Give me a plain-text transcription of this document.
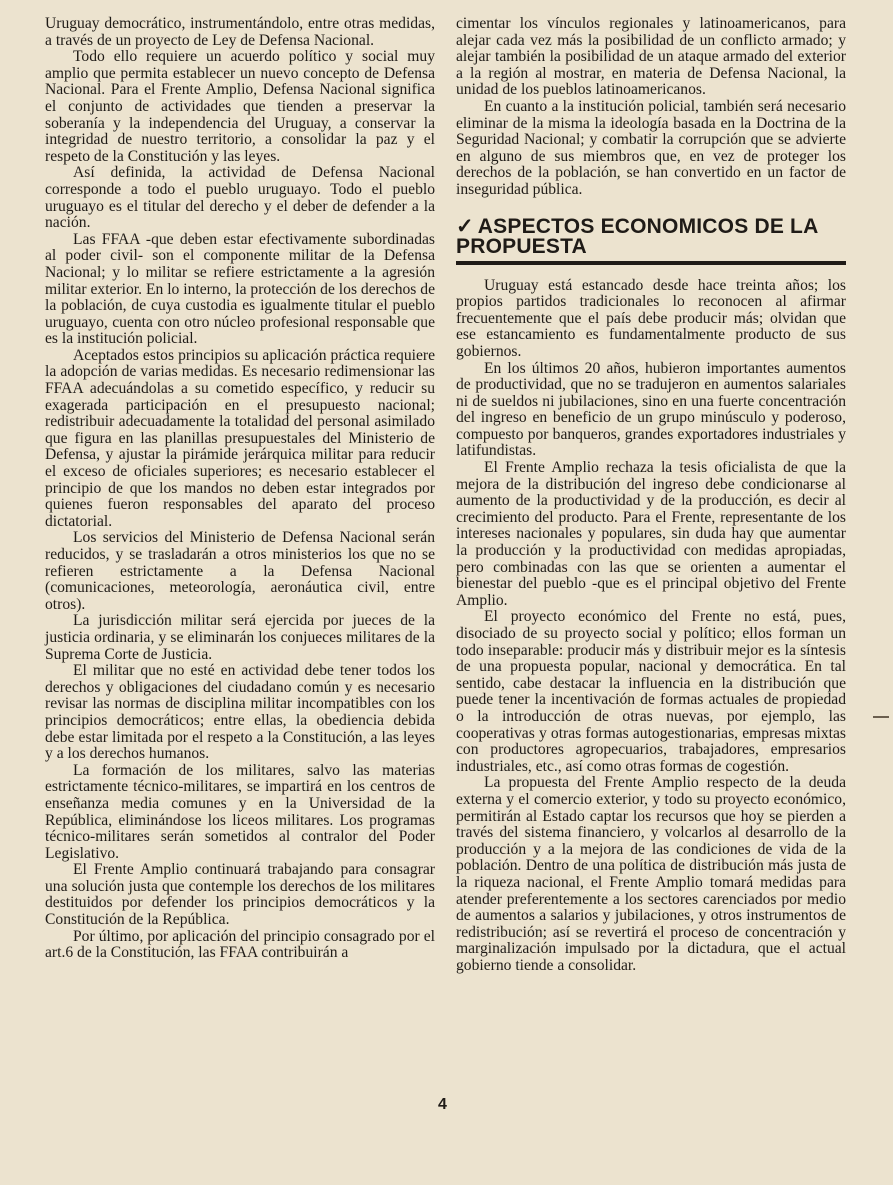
Uruguay democrático, instrumentándolo, entre otras medidas, a través de un proyecto de Ley de Defensa Nacional.

Todo ello requiere un acuerdo político y social muy amplio que permita establecer un nuevo concepto de Defensa Nacional. Para el Frente Amplio, Defensa Nacional significa el conjunto de actividades que tienden a preservar la soberanía y la independencia del Uruguay, a conservar la integridad de nuestro territorio, a consolidar la paz y el respeto de la Constitución y las leyes.

Así definida, la actividad de Defensa Nacional corresponde a todo el pueblo uruguayo. Todo el pueblo uruguayo es el titular del derecho y el deber de defender a la nación.

Las FFAA -que deben estar efectivamente subordinadas al poder civil- son el componente militar de la Defensa Nacional; y lo militar se refiere estrictamente a la agresión militar exterior. En lo interno, la protección de los derechos de la población, de cuya custodia es igualmente titular el pueblo uruguayo, cuenta con otro núcleo profesional responsable que es la institución policial.

Aceptados estos principios su aplicación práctica requiere la adopción de varias medidas. Es necesario redimensionar las FFAA adecuándolas a su cometido específico, y reducir su exagerada participación en el presupuesto nacional; redistribuir adecuadamente la totalidad del personal asimilado que figura en las planillas presupuestales del Ministerio de Defensa, y ajustar la pirámide jerárquica militar para reducir el exceso de oficiales superiores; es necesario establecer el principio de que los mandos no deben estar integrados por quienes fueron responsables del aparato del proceso dictatorial.

Los servicios del Ministerio de Defensa Nacional serán reducidos, y se trasladarán a otros ministerios los que no se refieren estrictamente a la Defensa Nacional (comunicaciones, meteorología, aeronáutica civil, entre otros).

La jurisdicción militar será ejercida por jueces de la justicia ordinaria, y se eliminarán los conjueces militares de la Suprema Corte de Justicia.

El militar que no esté en actividad debe tener todos los derechos y obligaciones del ciudadano común y es necesario revisar las normas de disciplina militar incompatibles con los principios democráticos; entre ellas, la obediencia debida debe estar limitada por el respeto a la Constitución, a las leyes y a los derechos humanos.

La formación de los militares, salvo las materias estrictamente técnico-militares, se impartirá en los centros de enseñanza media comunes y en la Universidad de la República, eliminándose los liceos militares. Los programas técnico-militares serán sometidos al contralor del Poder Legislativo.

El Frente Amplio continuará trabajando para consagrar una solución justa que contemple los derechos de los militares destituidos por defender los principios democráticos y la Constitución de la República.

Por último, por aplicación del principio consagrado por el art.6 de la Constitución, las FFAA contribuirán a

cimentar los vínculos regionales y latinoamericanos, para alejar cada vez más la posibilidad de un conflicto armado; y alejar también la posibilidad de un ataque armado del exterior a la región al mostrar, en materia de Defensa Nacional, la unidad de los pueblos latinoamericanos.

En cuanto a la institución policial, también será necesario eliminar de la misma la ideología basada en la Doctrina de la Seguridad Nacional; y combatir la corrupción que se advierte en alguno de sus miembros que, en vez de proteger los derechos de la población, se han convertido en un factor de inseguridad pública.

✓ ASPECTOS ECONOMICOS DE LA PROPUESTA

Uruguay está estancado desde hace treinta años; los propios partidos tradicionales lo reconocen al afirmar frecuentemente que el país debe producir más; olvidan que ese estancamiento es fundamentalmente producto de sus gobiernos.

En los últimos 20 años, hubieron importantes aumentos de productividad, que no se tradujeron en aumentos salariales ni de sueldos ni jubilaciones, sino en una fuerte concentración del ingreso en beneficio de un grupo minúsculo y poderoso, compuesto por banqueros, grandes exportadores industriales y latifundistas.

El Frente Amplio rechaza la tesis oficialista de que la mejora de la distribución del ingreso debe condicionarse al aumento de la productividad y de la producción, es decir al crecimiento del producto. Para el Frente, representante de los intereses nacionales y populares, sin duda hay que aumentar la producción y la productividad con medidas apropiadas, pero combinadas con las que se orienten a aumentar el bienestar del pueblo -que es el principal objetivo del Frente Amplio.

El proyecto económico del Frente no está, pues, disociado de su proyecto social y político; ellos forman un todo inseparable: producir más y distribuir mejor es la síntesis de una propuesta popular, nacional y democrática. En tal sentido, cabe destacar la influencia en la distribución que puede tener la incentivación de formas actuales de propiedad o la introducción de otras nuevas, por ejemplo, las cooperativas y otras formas autogestionarias, empresas mixtas con productores agropecuarios, trabajadores, empresarios industriales, etc., así como otras formas de cogestión.

La propuesta del Frente Amplio respecto de la deuda externa y el comercio exterior, y todo su proyecto económico, permitirán al Estado captar los recursos que hoy se pierden a través del sistema financiero, y volcarlos al desarrollo de la producción y a la mejora de las condiciones de vida de la población. Dentro de una política de distribución más justa de la riqueza nacional, el Frente Amplio tomará medidas para atender preferentemente a los sectores carenciados por medio de aumentos a salarios y jubilaciones, y otros instrumentos de redistribución; así se revertirá el proceso de concentración y marginalización impulsado por la dictadura, que el actual gobierno tiende a consolidar.

4
